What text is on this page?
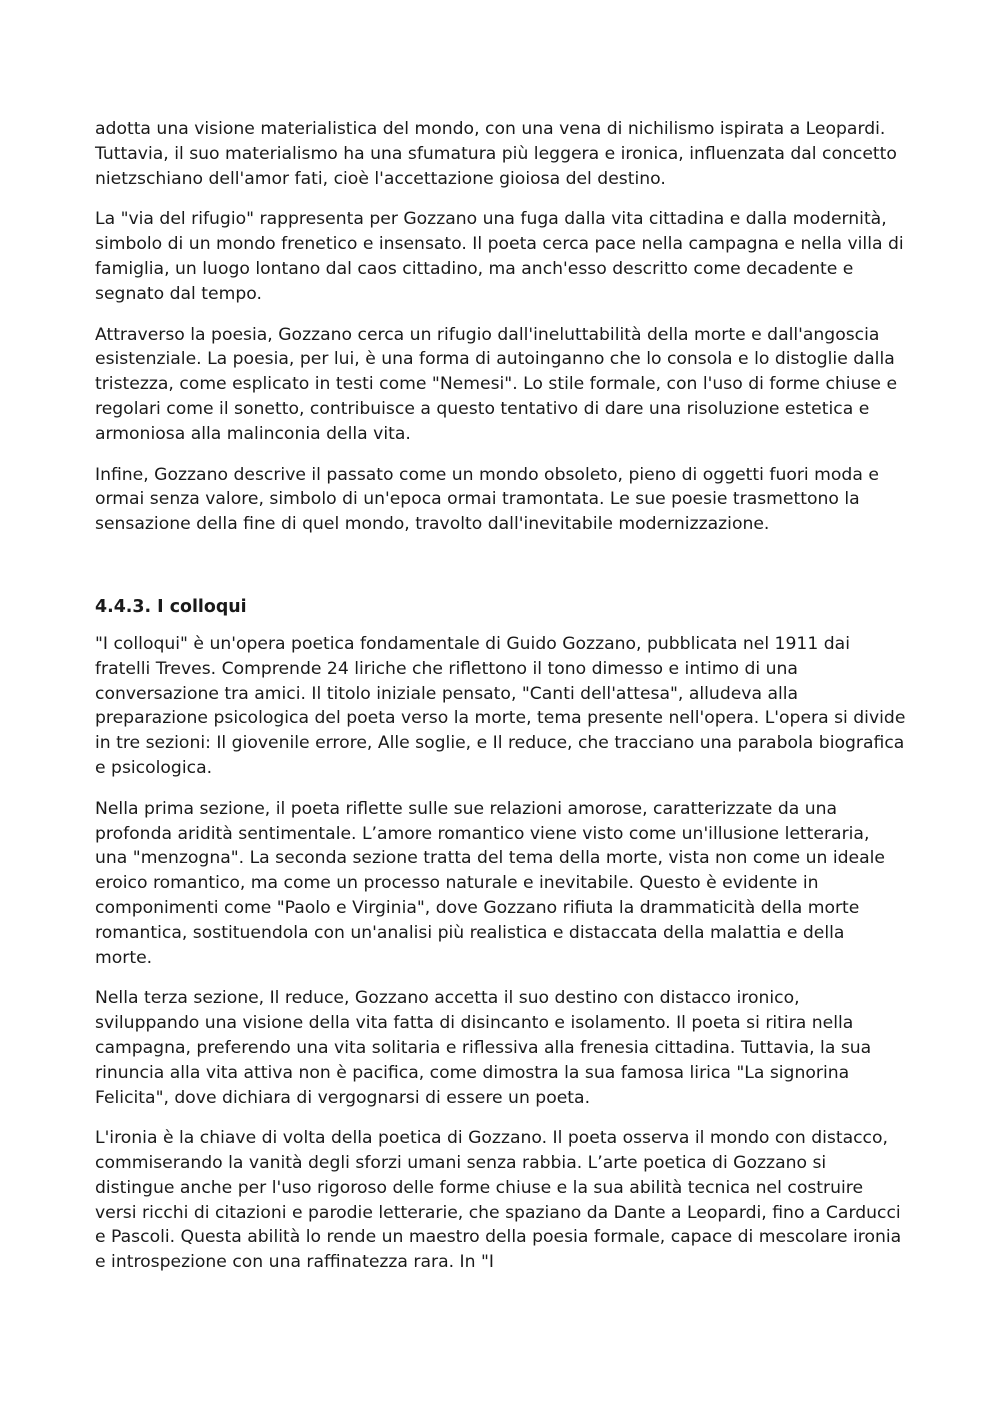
adotta una visione materialistica del mondo, con una vena di nichilismo ispirata a Leopardi. Tuttavia, il suo materialismo ha una sfumatura più leggera e ironica, influenzata dal concetto nietzschiano dell'amor fati, cioè l'accettazione gioiosa del destino.

La "via del rifugio" rappresenta per Gozzano una fuga dalla vita cittadina e dalla modernità, simbolo di un mondo frenetico e insensato. Il poeta cerca pace nella campagna e nella villa di famiglia, un luogo lontano dal caos cittadino, ma anch'esso descritto come decadente e segnato dal tempo.

Attraverso la poesia, Gozzano cerca un rifugio dall'ineluttabilità della morte e dall'angoscia esistenziale. La poesia, per lui, è una forma di autoinganno che lo consola e lo distoglie dalla tristezza, come esplicato in testi come "Nemesi". Lo stile formale, con l'uso di forme chiuse e regolari come il sonetto, contribuisce a questo tentativo di dare una risoluzione estetica e armoniosa alla malinconia della vita.

Infine, Gozzano descrive il passato come un mondo obsoleto, pieno di oggetti fuori moda e ormai senza valore, simbolo di un'epoca ormai tramontata. Le sue poesie trasmettono la sensazione della fine di quel mondo, travolto dall'inevitabile modernizzazione.

4.4.3. I colloqui

"I colloqui" è un'opera poetica fondamentale di Guido Gozzano, pubblicata nel 1911 dai fratelli Treves. Comprende 24 liriche che riflettono il tono dimesso e intimo di una conversazione tra amici. Il titolo iniziale pensato, "Canti dell'attesa", alludeva alla preparazione psicologica del poeta verso la morte, tema presente nell'opera. L'opera si divide in tre sezioni: Il giovenile errore, Alle soglie, e Il reduce, che tracciano una parabola biografica e psicologica.

Nella prima sezione, il poeta riflette sulle sue relazioni amorose, caratterizzate da una profonda aridità sentimentale. L’amore romantico viene visto come un'illusione letteraria, una "menzogna". La seconda sezione tratta del tema della morte, vista non come un ideale eroico romantico, ma come un processo naturale e inevitabile. Questo è evidente in componimenti come "Paolo e Virginia", dove Gozzano rifiuta la drammaticità della morte romantica, sostituendola con un'analisi più realistica e distaccata della malattia e della morte.

Nella terza sezione, Il reduce, Gozzano accetta il suo destino con distacco ironico, sviluppando una visione della vita fatta di disincanto e isolamento. Il poeta si ritira nella campagna, preferendo una vita solitaria e riflessiva alla frenesia cittadina. Tuttavia, la sua rinuncia alla vita attiva non è pacifica, come dimostra la sua famosa lirica "La signorina Felicita", dove dichiara di vergognarsi di essere un poeta.

L'ironia è la chiave di volta della poetica di Gozzano. Il poeta osserva il mondo con distacco, commiserando la vanità degli sforzi umani senza rabbia. L’arte poetica di Gozzano si distingue anche per l'uso rigoroso delle forme chiuse e la sua abilità tecnica nel costruire versi ricchi di citazioni e parodie letterarie, che spaziano da Dante a Leopardi, fino a Carducci e Pascoli. Questa abilità lo rende un maestro della poesia formale, capace di mescolare ironia e introspezione con una raffinatezza rara. In "I
